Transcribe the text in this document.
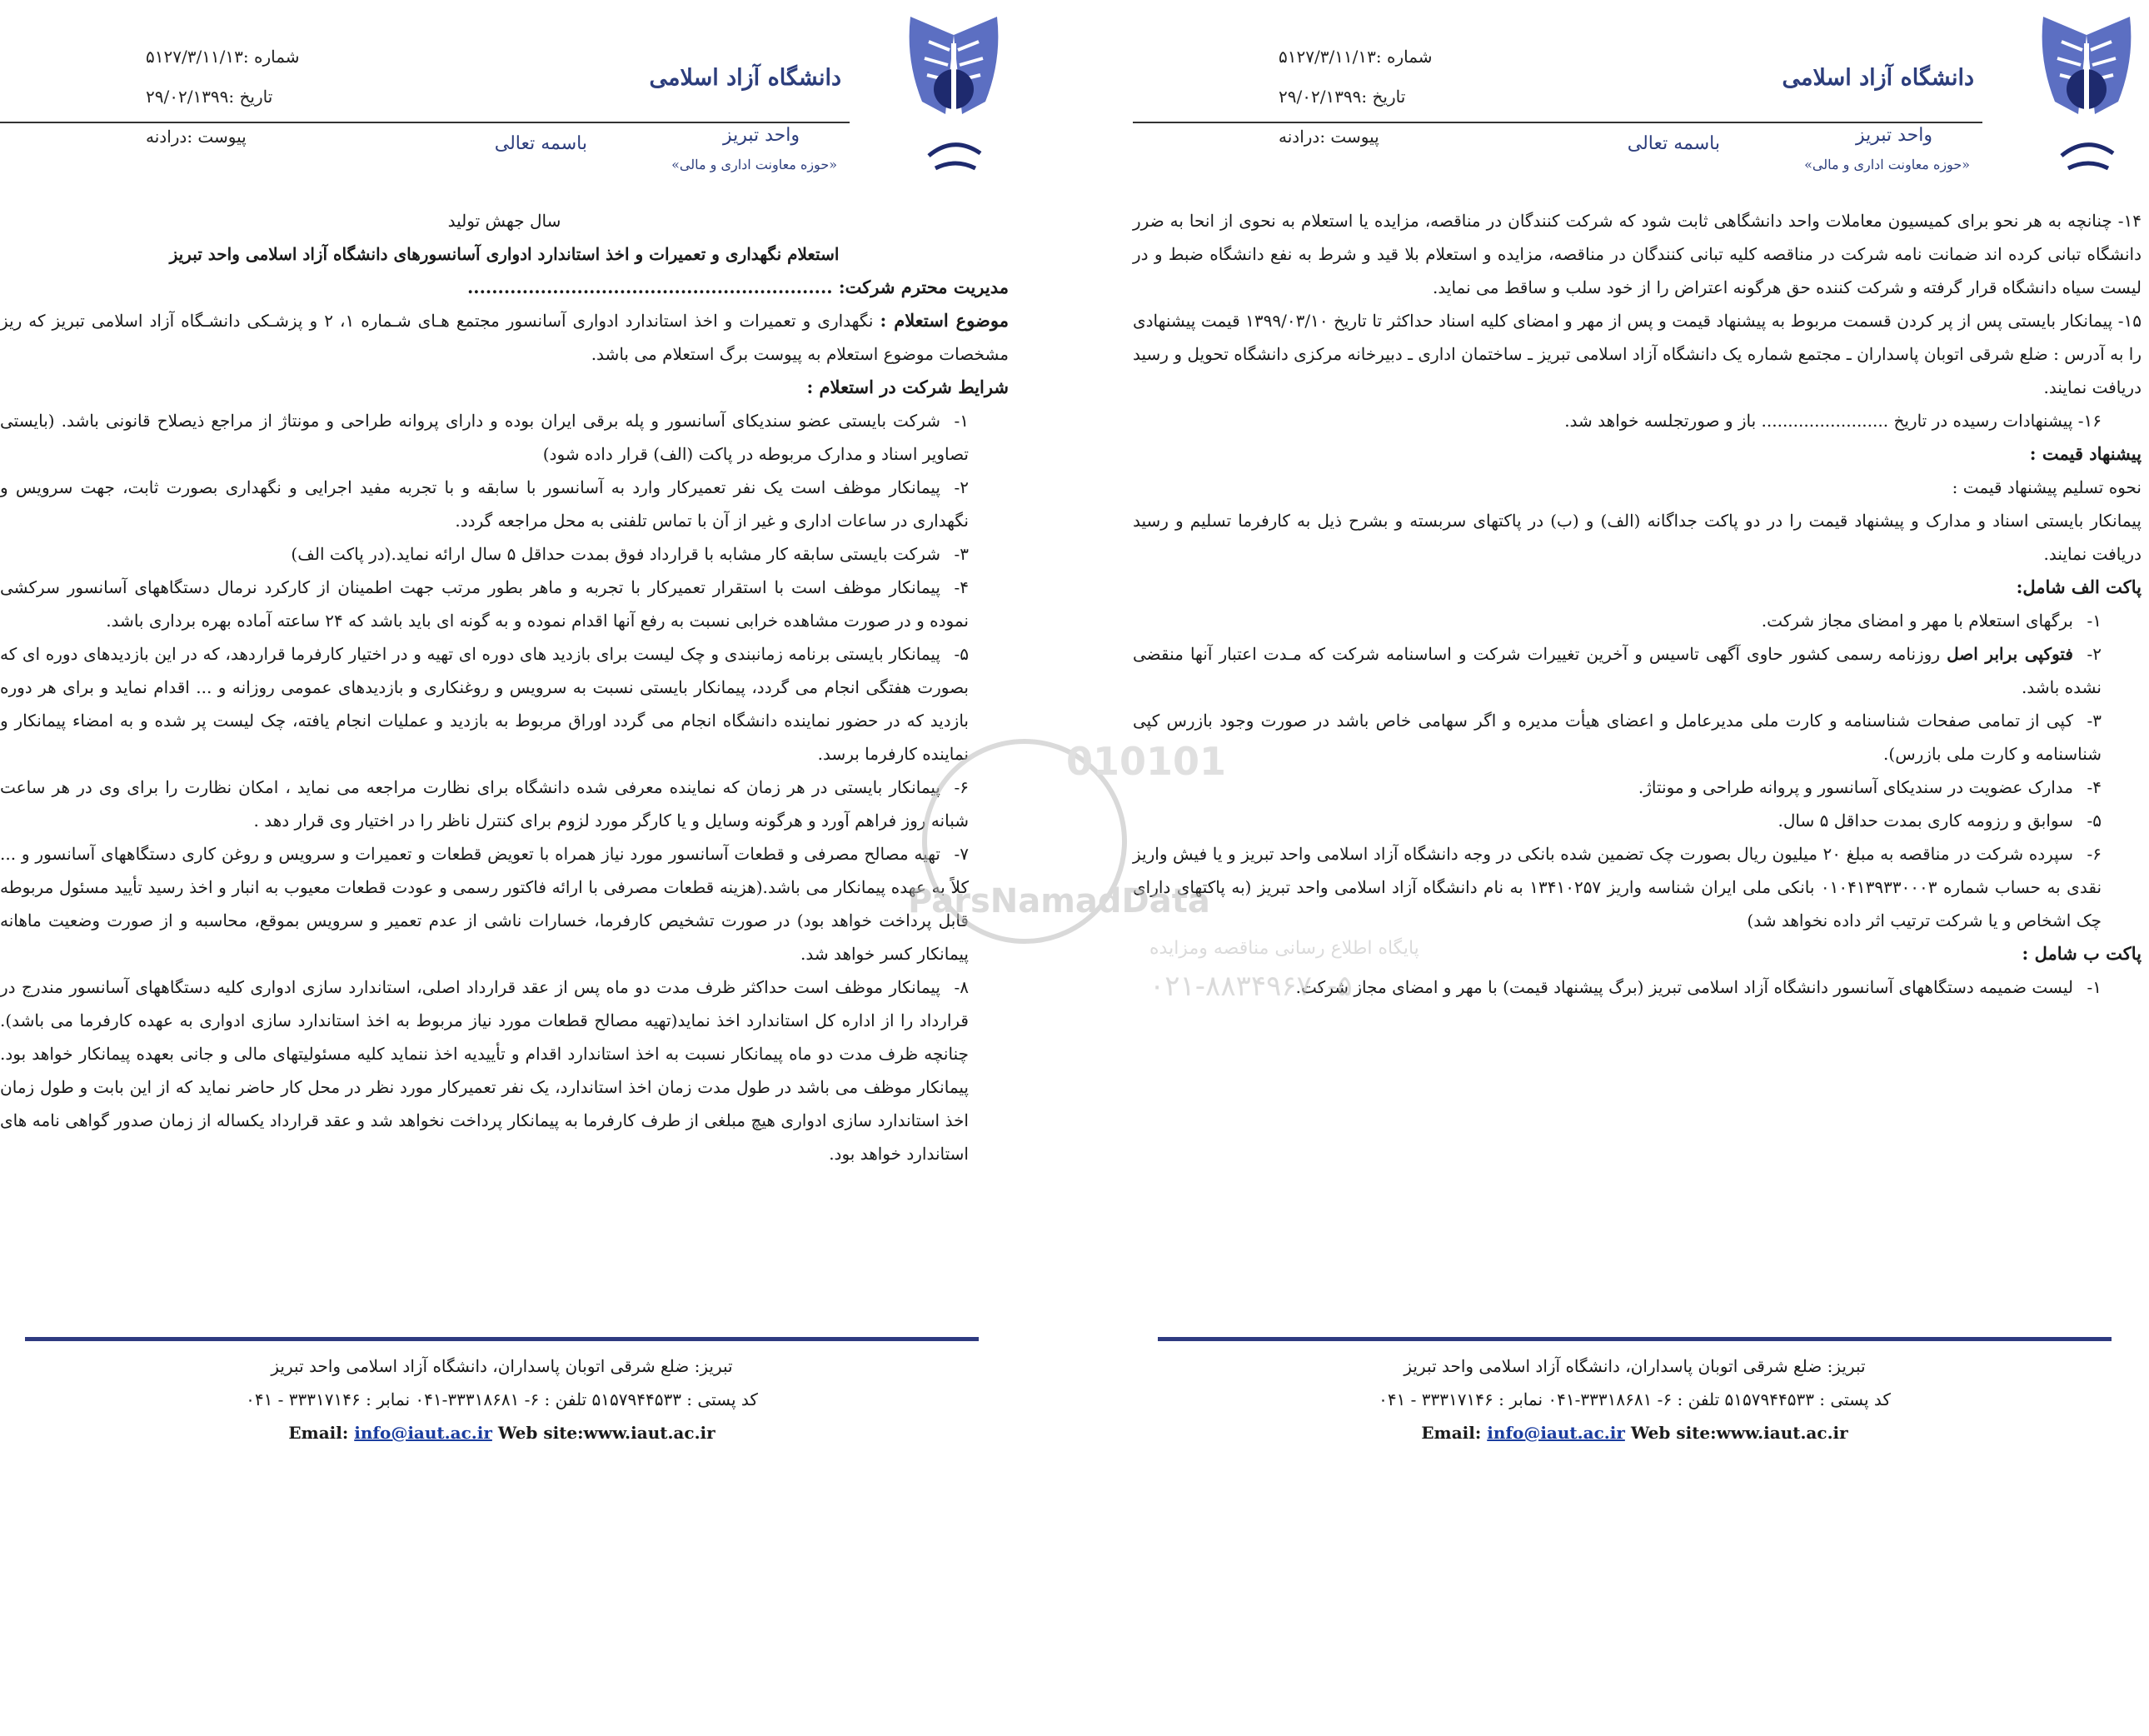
دانشگاه آزاد اسلامی
واحد تبریز
«حوزه معاونت اداری و مالی»
باسمه تعالی
شماره :۵۱۲۷/۳/۱۱/۱۳
تاریخ :۲۹/۰۲/۱۳۹۹
پیوست :درادنه

۱۴- چنانچه به هر نحو برای کمیسیون معاملات واحد دانشگاهی ثابت شود که شرکت کنندگان در مناقصه، مزایده یا استعلام به نحوی از انحا به ضرر دانشگاه تبانی کرده اند ضمانت نامه شرکت در مناقصه کلیه تبانی کنندگان در مناقصه، مزایده و استعلام بلا قید و شرط به نفع دانشگاه ضبط و در لیست سیاه دانشگاه قرار گرفته و شرکت کننده حق هرگونه اعتراض را از خود سلب و ساقط می نماید.

۱۵- پیمانکار بایستی پس از پر کردن قسمت مربوط به پیشنهاد قیمت و پس از مهر و امضای کلیه اسناد حداکثر تا تاریخ ۱۳۹۹/۰۳/۱۰ قیمت پیشنهادی را به آدرس : ضلع شرقی اتوبان پاسداران ـ مجتمع شماره یک دانشگاه آزاد اسلامی تبریز ـ ساختمان اداری ـ دبیرخانه مرکزی دانشگاه تحویل و رسید دریافت نمایند.

۱۶- پیشنهادات رسیده در تاریخ ........................ باز و صورتجلسه خواهد شد.

پیشنهاد قیمت :

نحوه تسلیم پیشنهاد قیمت :

پیمانکار بایستی اسناد و مدارک و پیشنهاد قیمت را در دو پاکت جداگانه (الف) و (ب) در پاکتهای سربسته و بشرح ذیل به کارفرما تسلیم و رسید دریافت نمایند.

پاکت الف شامل:

۱-برگهای استعلام با مهر و امضای مجاز شرکت.

۲-فتوکپی برابر اصل روزنامه رسمی کشور حاوی آگهی تاسیس و آخرین تغییرات شرکت و اساسنامه شرکت که مـدت اعتبار آنها منقضی نشده باشد.

۳-کپی از تمامی صفحات شناسنامه و کارت ملی مدیرعامل و اعضای هیأت مدیره و اگر سهامی خاص باشد در صورت وجود بازرس کپی شناسنامه و کارت ملی بازرس).

۴-مدارک عضویت در سندیکای آسانسور و پروانه طراحی و مونتاژ.

۵-سوابق و رزومه کاری بمدت حداقل ۵ سال.

۶-سپرده شرکت در مناقصه به مبلغ ۲۰ میلیون ریال بصورت چک تضمین شده بانکی در وجه دانشگاه آزاد اسلامی واحد تبریز و یا فیش واریز نقدی به حساب شماره ۰۱۰۴۱۳۹۳۳۰۰۰۳ بانکی ملی ایران شناسه واریز ۱۳۴۱۰۲۵۷ به نام دانشگاه آزاد اسلامی واحد تبریز (به پاکتهای دارای چک اشخاص و یا شرکت ترتیب اثر داده نخواهد شد)

پاکت ب شامل :

۱-لیست ضمیمه دستگاههای آسانسور دانشگاه آزاد اسلامی تبریز (برگ پیشنهاد قیمت) با مهر و امضای مجاز شرکت.

تبریز: ضلع شرقی اتوبان پاسداران، دانشگاه آزاد اسلامی واحد تبریز
کد پستی : ۵۱۵۷۹۴۴۵۳۳ تلفن : ۶- ۳۳۳۱۸۶۸۱-۰۴۱ نمابر : ۳۳۳۱۷۱۴۶ - ۰۴۱
Email: info@iaut.ac.ir Web site:www.iaut.ac.ir
دانشگاه آزاد اسلامی
واحد تبریز
«حوزه معاونت اداری و مالی»
باسمه تعالی
شماره :۵۱۲۷/۳/۱۱/۱۳
تاریخ :۲۹/۰۲/۱۳۹۹
پیوست :درادنه

سال جهش تولید

استعلام نگهداری و تعمیرات و اخذ استاندارد ادواری آسانسورهای دانشگاه آزاد اسلامی واحد تبریز

مدیریت محترم شرکت: ............................................................

موضوع استعلام : نگهداری و تعمیرات و اخذ استاندارد ادواری آسانسور مجتمع هـای شـماره ۱، ۲ و پزشـکی دانشـگاه آزاد اسلامی تبریز که ریز مشخصات موضوع استعلام به پیوست برگ استعلام می باشد.

شرایط شرکت در استعلام :

۱-شرکت بایستی عضو سندیکای آسانسور و پله برقی ایران بوده و دارای پروانه طراحی و مونتاژ از مراجع ذیصلاح قانونی باشد. (بایستی تصاویر اسناد و مدارک مربوطه در پاکت (الف) قرار داده شود)

۲-پیمانکار موظف است یک نفر تعمیرکار وارد به آسانسور با سابقه و با تجربه مفید اجرایی و نگهداری بصورت ثابت، جهت سرویس و نگهداری در ساعات اداری و غیر از آن با تماس تلفنی به محل مراجعه گردد.

۳-شرکت بایستی سابقه کار مشابه با قرارداد فوق بمدت حداقل ۵ سال ارائه نماید.(در پاکت الف)

۴-پیمانکار موظف است با استقرار تعمیرکار با تجربه و ماهر بطور مرتب جهت اطمینان از کارکرد نرمال دستگاههای آسانسور سرکشی نموده و در صورت مشاهده خرابی نسبت به رفع آنها اقدام نموده و به گونه ای باید باشد که ۲۴ ساعته آماده بهره برداری باشد.

۵-پیمانکار بایستی برنامه زمانبندی و چک لیست برای بازدید های دوره ای تهیه و در اختیار کارفرما قراردهد، که در این بازدیدهای دوره ای که بصورت هفتگی انجام می گردد، پیمانکار بایستی نسبت به سرویس و روغنکاری و بازدیدهای عمومی روزانه و ... اقدام نماید و برای هر دوره بازدید که در حضور نماینده دانشگاه انجام می گردد اوراق مربوط به بازدید و عملیات انجام یافته، چک لیست پر شده و به امضاء پیمانکار و نماینده کارفرما برسد.

۶-پیمانکار بایستی در هر زمان که نماینده معرفی شده دانشگاه برای نظارت مراجعه می نماید ، امکان نظارت را برای وی در هر ساعت شبانه روز فراهم آورد و هرگونه وسایل و یا کارگر مورد لزوم برای کنترل ناظر را در اختیار وی قرار دهد .

۷-تهیه مصالح مصرفی و قطعات آسانسور مورد نیاز همراه با تعویض قطعات و تعمیرات و سرویس و روغن کاری دستگاههای آسانسور و ... کلاً به عهده پیمانکار می باشد.(هزینه قطعات مصرفی با ارائه فاکتور رسمی و عودت قطعات معیوب به انبار و اخذ رسید تأیید مسئول مربوطه قابل پرداخت خواهد بود) در صورت تشخیص کارفرما، خسارات ناشی از عدم تعمیر و سرویس بموقع، محاسبه و از صورت وضعیت ماهانه پیمانکار کسر خواهد شد.

۸-پیمانکار موظف است حداکثر ظرف مدت دو ماه پس از عقد قرارداد اصلی، استاندارد سازی ادواری کلیه دستگاههای آسانسور مندرج در قرارداد را از اداره کل استاندارد اخذ نماید(تهیه مصالح قطعات مورد نیاز مربوط به اخذ استاندارد سازی ادواری به عهده کارفرما می باشد). چنانچه ظرف مدت دو ماه پیمانکار نسبت به اخذ استاندارد اقدام و تأییدیه اخذ ننماید کلیه مسئولیتهای مالی و جانی بعهده پیمانکار خواهد بود. پیمانکار موظف می باشد در طول مدت زمان اخذ استاندارد، یک نفر تعمیرکار مورد نظر در محل کار حاضر نماید که از این بابت و طول زمان اخذ استاندارد سازی ادواری هیچ مبلغی از طرف کارفرما به پیمانکار پرداخت نخواهد شد و عقد قرارداد یکساله از زمان صدور گواهی نامه های استاندارد خواهد بود.

تبریز: ضلع شرقی اتوبان پاسداران، دانشگاه آزاد اسلامی واحد تبریز
کد پستی : ۵۱۵۷۹۴۴۵۳۳ تلفن : ۶- ۳۳۳۱۸۶۸۱-۰۴۱ نمابر : ۳۳۳۱۷۱۴۶ - ۰۴۱
Email: info@iaut.ac.ir Web site:www.iaut.ac.ir
010101
ParsNamadData
پایگاه اطلاع رسانی مناقصه ومزایده
۰۲۱-۸۸۳۴۹۶۷۰-۵
